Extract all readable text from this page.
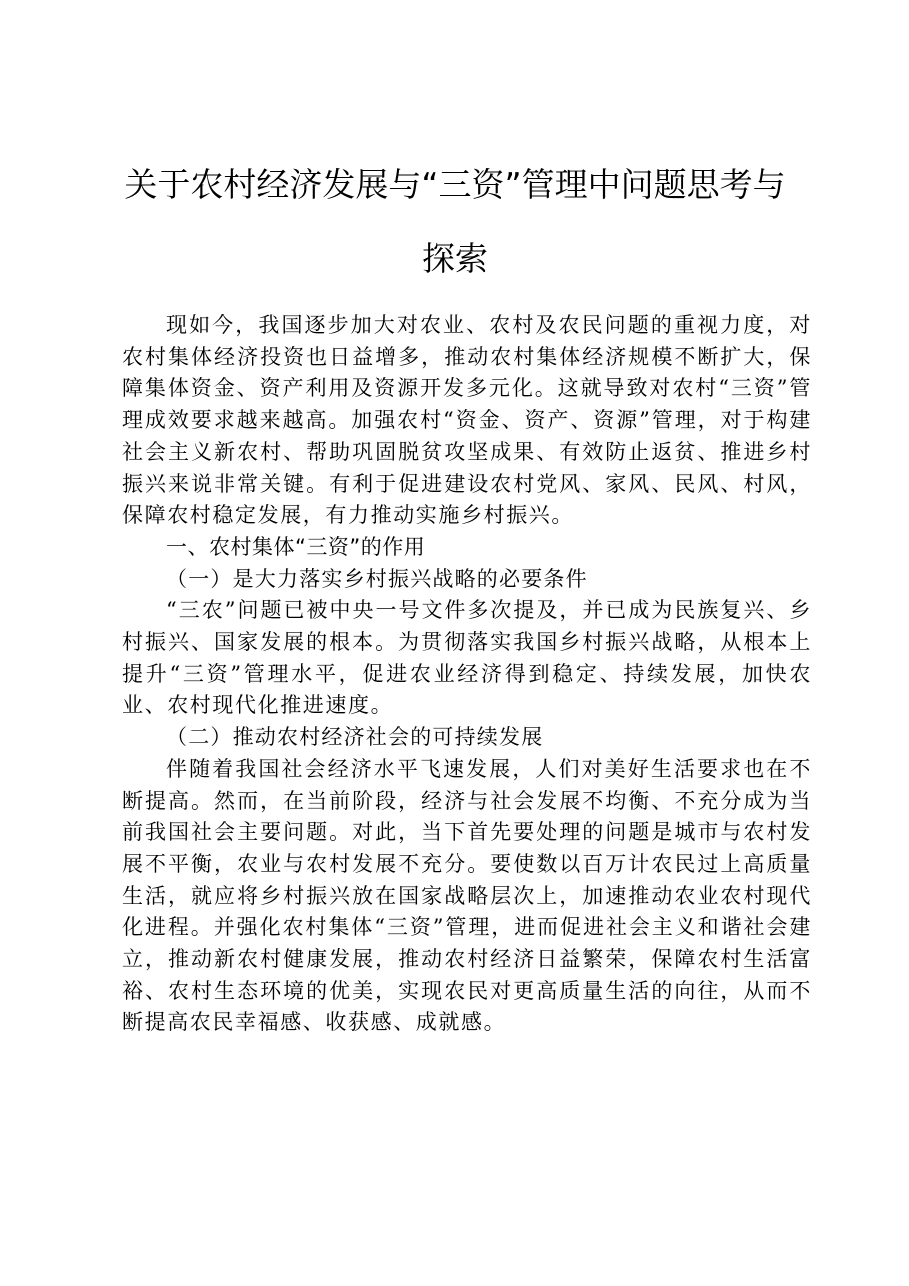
关于农村经济发展与“三资”管理中问题思考与探索

现如今，我国逐步加大对农业、农村及农民问题的重视力度，对农村集体经济投资也日益增多，推动农村集体经济规模不断扩大，保障集体资金、资产利用及资源开发多元化。这就导致对农村“三资”管理成效要求越来越高。加强农村“资金、资产、资源”管理，对于构建社会主义新农村、帮助巩固脱贫攻坚成果、有效防止返贫、推进乡村振兴来说非常关键。有利于促进建设农村党风、家风、民风、村风，保障农村稳定发展，有力推动实施乡村振兴。

一、农村集体“三资”的作用

（一）是大力落实乡村振兴战略的必要条件

“三农”问题已被中央一号文件多次提及，并已成为民族复兴、乡村振兴、国家发展的根本。为贯彻落实我国乡村振兴战略，从根本上提升“三资”管理水平，促进农业经济得到稳定、持续发展，加快农业、农村现代化推进速度。

（二）推动农村经济社会的可持续发展

伴随着我国社会经济水平飞速发展，人们对美好生活要求也在不断提高。然而，在当前阶段，经济与社会发展不均衡、不充分成为当前我国社会主要问题。对此，当下首先要处理的问题是城市与农村发展不平衡，农业与农村发展不充分。要使数以百万计农民过上高质量生活，就应将乡村振兴放在国家战略层次上，加速推动农业农村现代化进程。并强化农村集体“三资”管理，进而促进社会主义和谐社会建立，推动新农村健康发展，推动农村经济日益繁荣，保障农村生活富裕、农村生态环境的优美，实现农民对更高质量生活的向往，从而不断提高农民幸福感、收获感、成就感。
